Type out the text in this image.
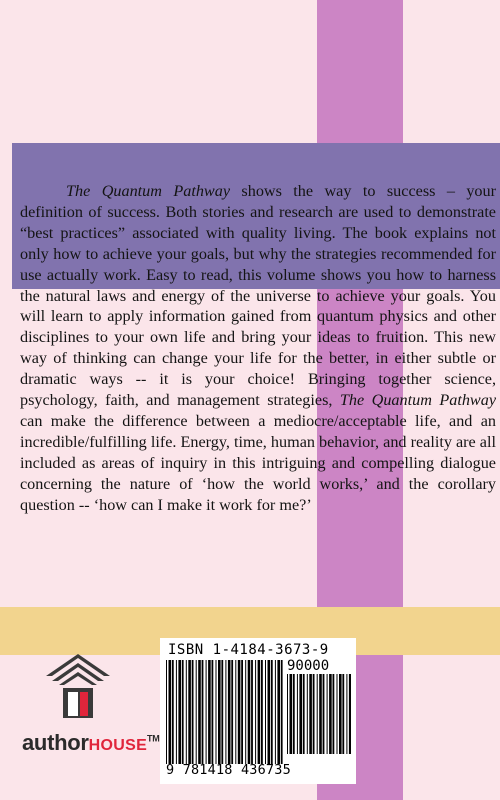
The Quantum Pathway shows the way to success – your definition of success. Both stories and research are used to demonstrate “best practices” associated with quality living. The book explains not only how to achieve your goals, but why the strategies recommended for use actually work. Easy to read, this volume shows you how to harness the natural laws and energy of the universe to achieve your goals. You will learn to apply information gained from quantum physics and other disciplines to your own life and bring your ideas to fruition. This new way of thinking can change your life for the better, in either subtle or dramatic ways -- it is your choice! Bringing together science, psychology, faith, and management strategies, The Quantum Pathway can make the difference between a mediocre/acceptable life, and an incredible/fulfilling life. Energy, time, human behavior, and reality are all included as areas of inquiry in this intriguing and compelling dialogue concerning the nature of ‘how the world works,’ and the corollary question -- ‘how can I make it work for me?’

authorHOUSE™
ISBN 1-4184-3673-9
90000
9 781418 436735
